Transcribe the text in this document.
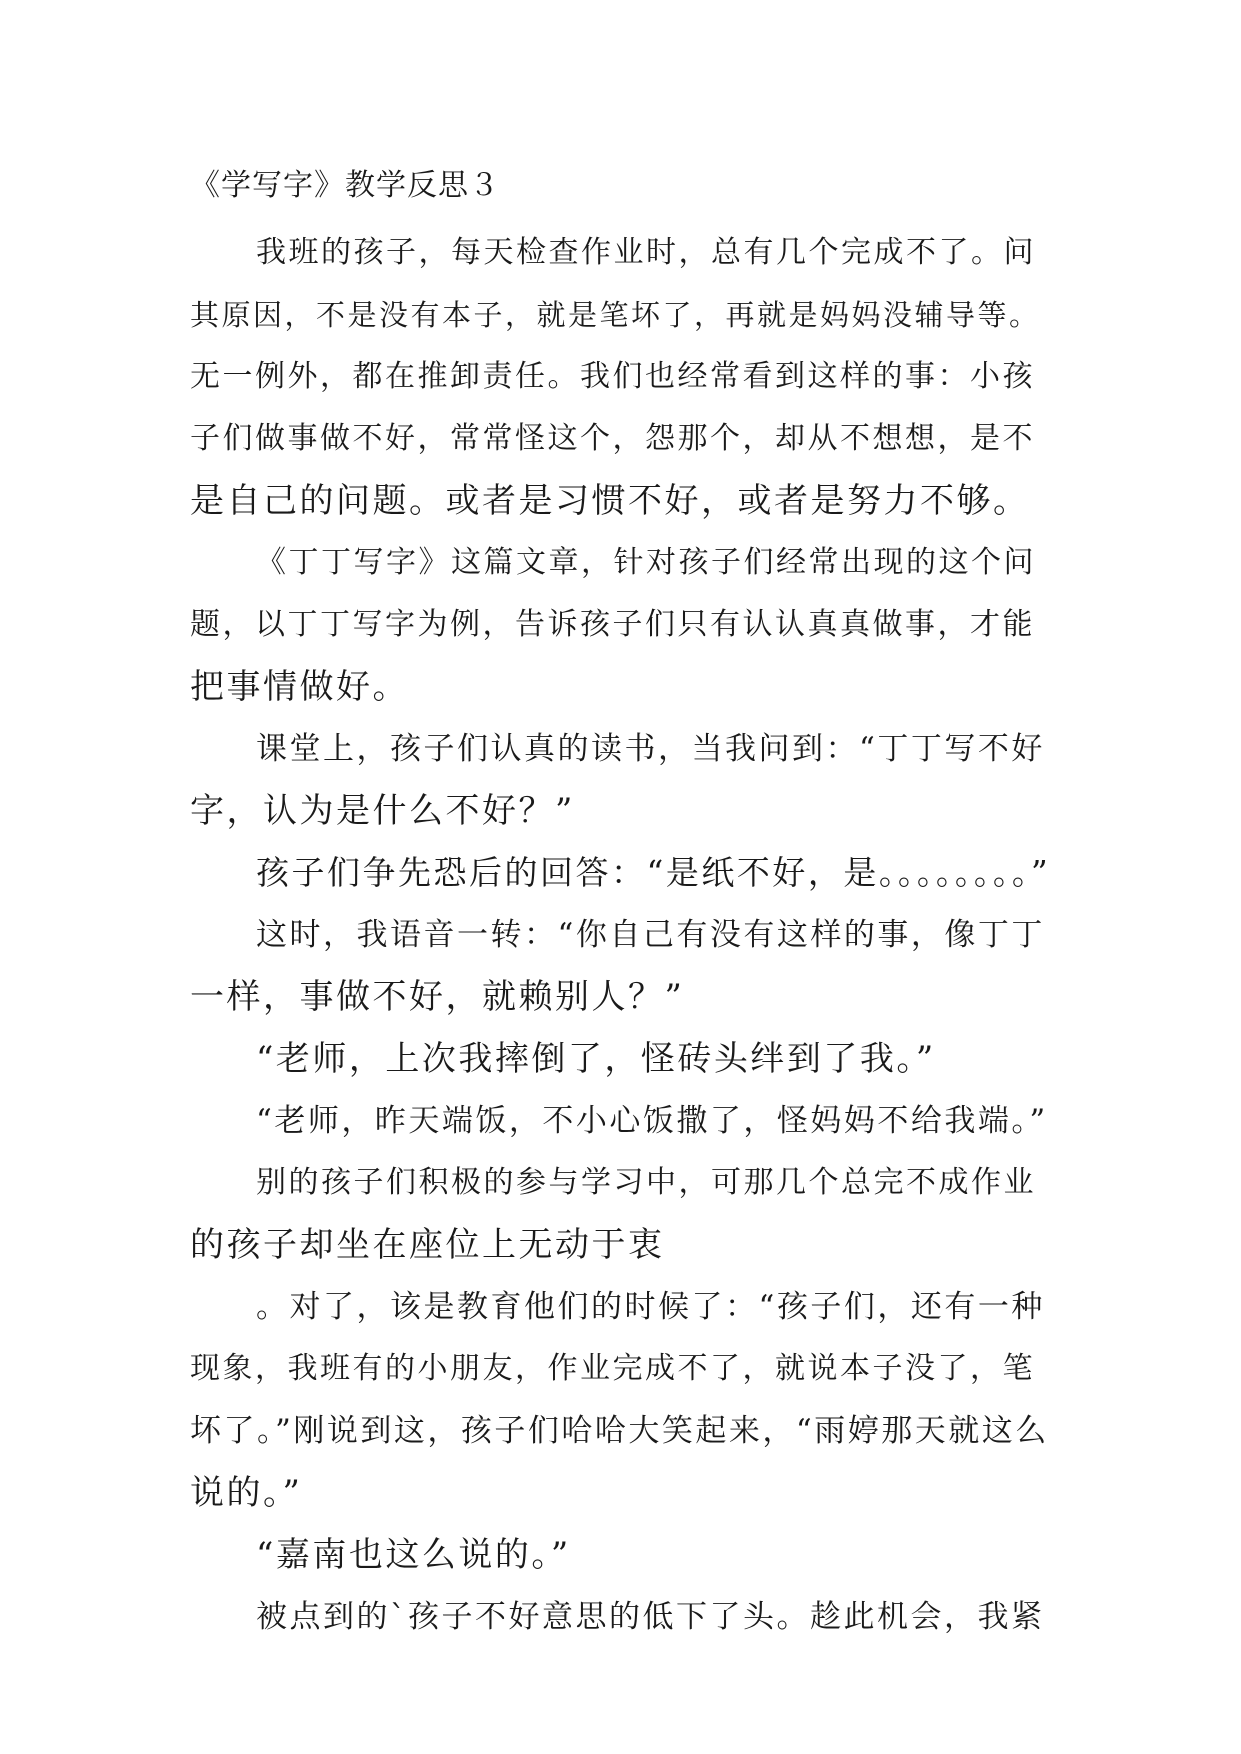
《学写字》教学反思３
我班的孩子，每天检查作业时，总有几个完成不了。问
其原因，不是没有本子，就是笔坏了，再就是妈妈没辅导等。
无一例外，都在推卸责任。我们也经常看到这样的事：小孩
子们做事做不好，常常怪这个，怨那个，却从不想想，是不
是自己的问题。或者是习惯不好，或者是努力不够。
《丁丁写字》这篇文章，针对孩子们经常出现的这个问
题，以丁丁写字为例，告诉孩子们只有认认真真做事，才能
把事情做好。
课堂上，孩子们认真的读书，当我问到：“丁丁写不好
字，认为是什么不好？”
孩子们争先恐后的回答：“是纸不好，是。。。。。。。。”
这时，我语音一转：“你自己有没有这样的事，像丁丁
一样，事做不好，就赖别人？”
“老师，上次我摔倒了，怪砖头绊到了我。”
“老师，昨天端饭，不小心饭撒了，怪妈妈不给我端。”
别的孩子们积极的参与学习中，可那几个总完不成作业
的孩子却坐在座位上无动于衷
。对了，该是教育他们的时候了：“孩子们，还有一种
现象，我班有的小朋友，作业完成不了，就说本子没了，笔
坏了。”刚说到这，孩子们哈哈大笑起来，“雨婷那天就这么
说的。”
“嘉南也这么说的。”
被点到的`孩子不好意思的低下了头。趁此机会，我紧
